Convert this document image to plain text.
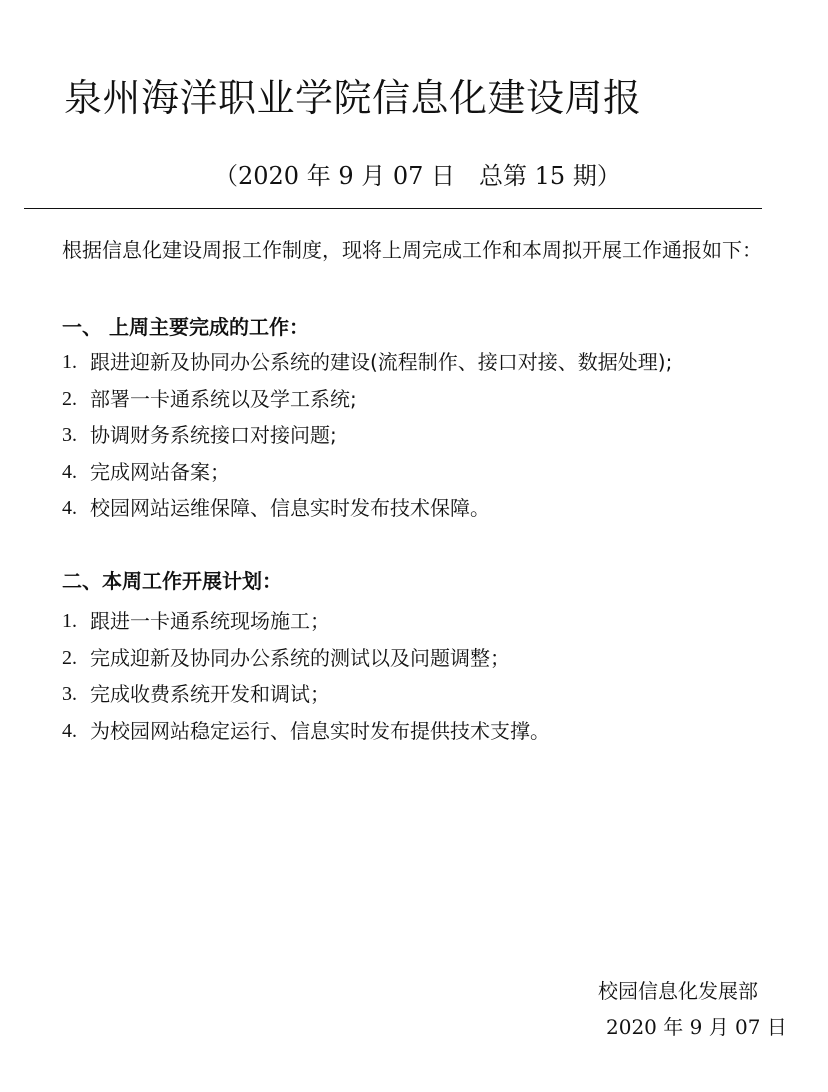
泉州海洋职业学院信息化建设周报
（2020 年 9 月 07 日　总第 15 期）
根据信息化建设周报工作制度，现将上周完成工作和本周拟开展工作通报如下：
一、 上周主要完成的工作：
1. 跟进迎新及协同办公系统的建设(流程制作、接口对接、数据处理);
2. 部署一卡通系统以及学工系统;
3. 协调财务系统接口对接问题;
4. 完成网站备案；
4. 校园网站运维保障、信息实时发布技术保障。
二、本周工作开展计划：
1. 跟进一卡通系统现场施工；
2. 完成迎新及协同办公系统的测试以及问题调整；
3. 完成收费系统开发和调试；
4. 为校园网站稳定运行、信息实时发布提供技术支撑。
校园信息化发展部
2020 年 9 月 07 日
